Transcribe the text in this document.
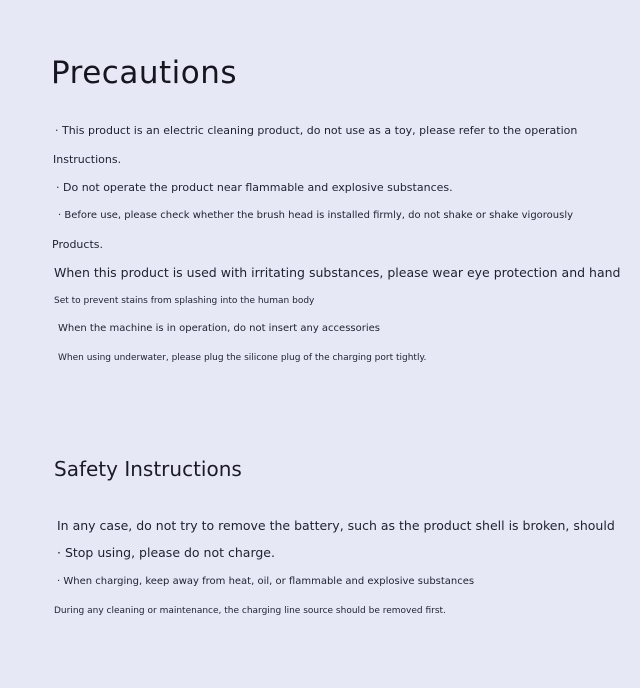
Precautions

· This product is an electric cleaning product, do not use as a toy, please refer to the operation

Instructions.

· Do not operate the product near flammable and explosive substances.

· Before use, please check whether the brush head is installed firmly, do not shake or shake vigorously

Products.

When this product is used with irritating substances, please wear eye protection and hand

Set to prevent stains from splashing into the human body

When the machine is in operation, do not insert any accessories

When using underwater, please plug the silicone plug of the charging port tightly.

Safety Instructions

In any case, do not try to remove the battery, such as the product shell is broken, should

· Stop using, please do not charge.

· When charging, keep away from heat, oil, or flammable and explosive substances

During any cleaning or maintenance, the charging line source should be removed first.
